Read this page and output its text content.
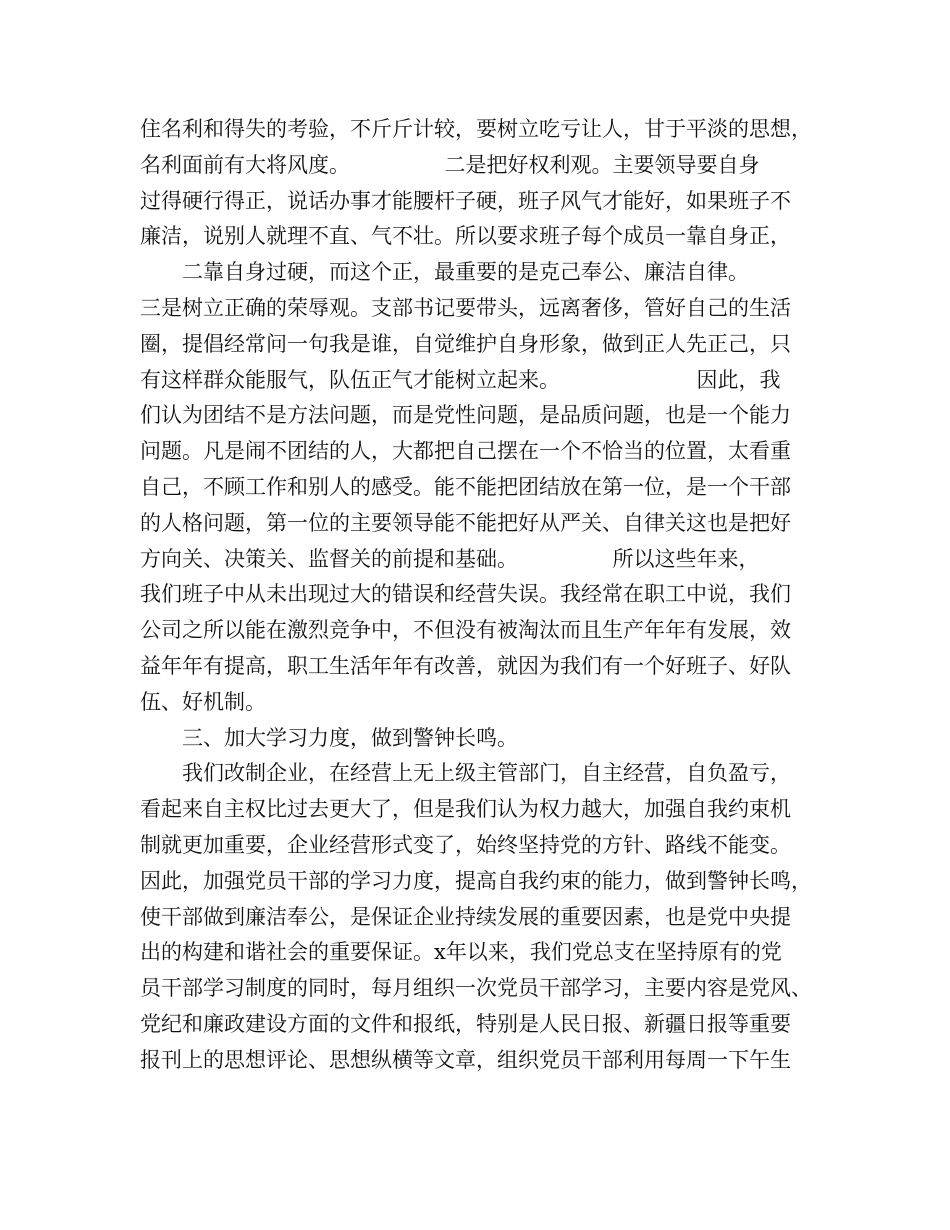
住名利和得失的考验，不斤斤计较，要树立吃亏让人，甘于平淡的思想，
名利面前有大将风度。　　　　　二是把好权利观。主要领导要自身
过得硬行得正，说话办事才能腰杆子硬，班子风气才能好，如果班子不
廉洁，说别人就理不直、气不壮。所以要求班子每个成员一靠自身正，
　　二靠自身过硬，而这个正，最重要的是克己奉公、廉洁自律。
三是树立正确的荣辱观。支部书记要带头，远离奢侈，管好自己的生活
圈，提倡经常问一句我是谁，自觉维护自身形象，做到正人先正己，只
有这样群众能服气，队伍正气才能树立起来。　　　　　　　因此，我
们认为团结不是方法问题，而是党性问题，是品质问题，也是一个能力
问题。凡是闹不团结的人，大都把自己摆在一个不恰当的位置，太看重
自己，不顾工作和别人的感受。能不能把团结放在第一位，是一个干部
的人格问题，第一位的主要领导能不能把好从严关、自律关这也是把好
方向关、决策关、监督关的前提和基础。　　　　　所以这些年来，
我们班子中从未出现过大的错误和经营失误。我经常在职工中说，我们
公司之所以能在激烈竞争中，不但没有被淘汰而且生产年年有发展，效
益年年有提高，职工生活年年有改善，就因为我们有一个好班子、好队
伍、好机制。
　　三、加大学习力度，做到警钟长鸣。
　　我们改制企业，在经营上无上级主管部门，自主经营，自负盈亏，
看起来自主权比过去更大了，但是我们认为权力越大，加强自我约束机
制就更加重要，企业经营形式变了，始终坚持党的方针、路线不能变。
因此，加强党员干部的学习力度，提高自我约束的能力，做到警钟长鸣，
使干部做到廉洁奉公，是保证企业持续发展的重要因素，也是党中央提
出的构建和谐社会的重要保证。x年以来，我们党总支在坚持原有的党
员干部学习制度的同时，每月组织一次党员干部学习，主要内容是党风、
党纪和廉政建设方面的文件和报纸，特别是人民日报、新疆日报等重要
报刊上的思想评论、思想纵横等文章，组织党员干部利用每周一下午生
